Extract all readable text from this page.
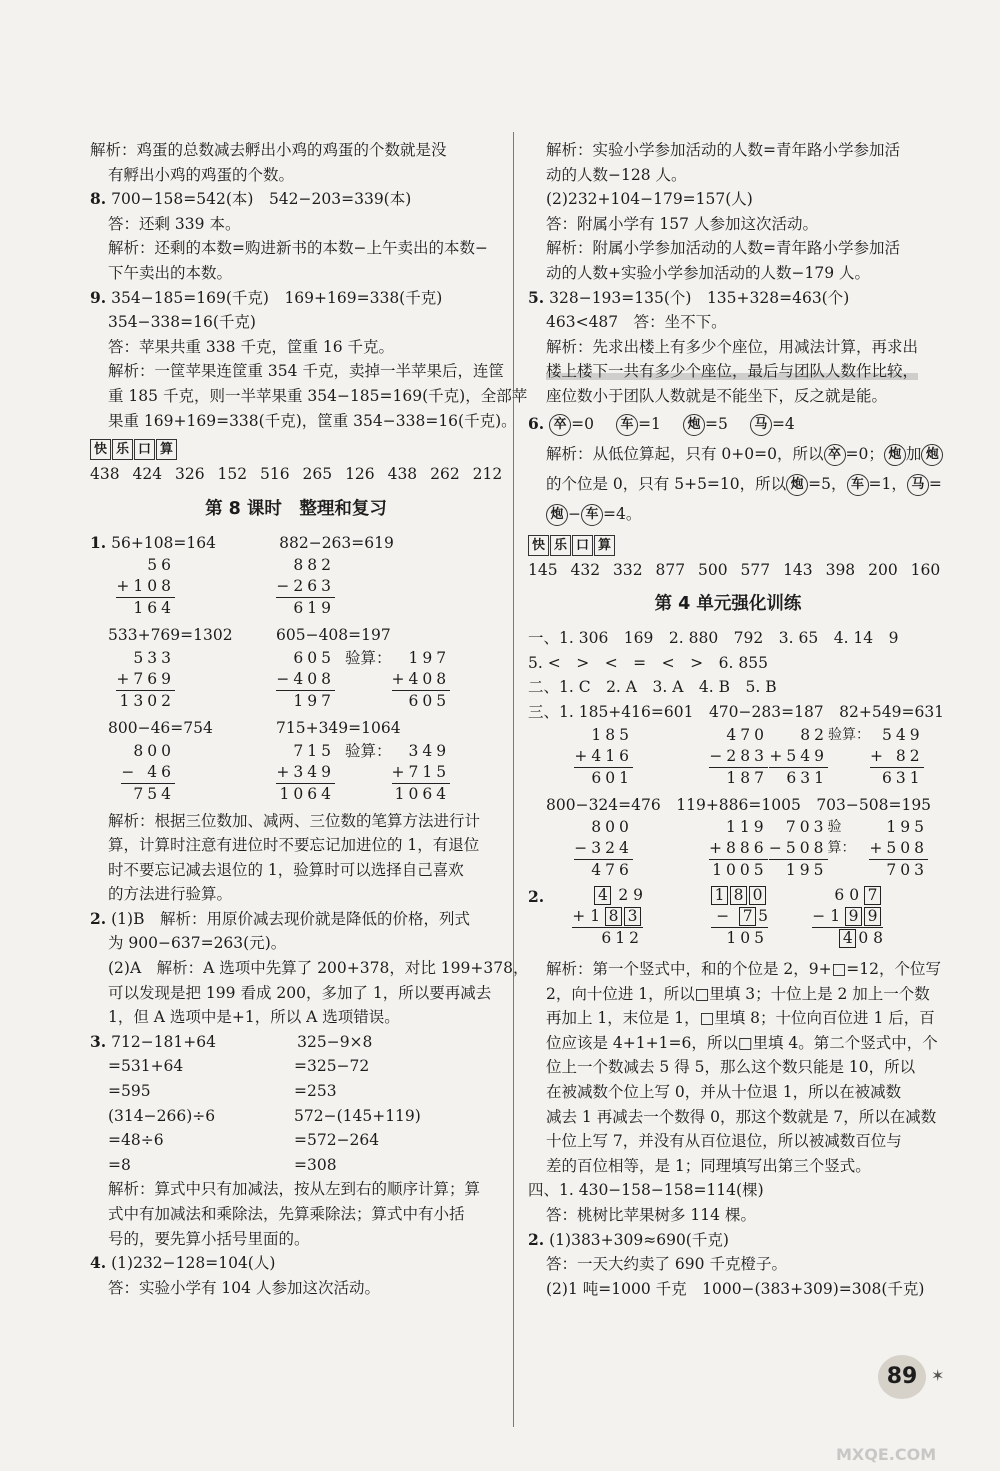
解析：鸡蛋的总数减去孵出小鸡的鸡蛋的个数就是没
有孵出小鸡的鸡蛋的个数。
8. 700−158=542(本)　542−203=339(本)
答：还剩 339 本。
解析：还剩的本数=购进新书的本数−上午卖出的本数−
下午卖出的本数。
9. 354−185=169(千克)　169+169=338(千克)
354−338=16(千克)
答：苹果共重 338 千克，筐重 16 千克。
解析：一筐苹果连筐重 354 千克，卖掉一半苹果后，连筐
重 185 千克，则一半苹果重 354−185=169(千克)，全部苹
果重 169+169=338(千克)，筐重 354−338=16(千克)。
快 乐 口 算
438 424 326 152 516 265 126 438 262 212
第 8 课时　整理和复习
1. 56+108=164	882−263=619
56
+108
164
882
−263
619
533+769=1302	605−408=197
533
+769
1302
605
−408
197
验算：	197
+408
605
800−46=754	715+349=1064
800
− 46
754
715
+349
1064
验算：	349
+715
1064
解析：根据三位数加、减两、三位数的笔算方法进行计
算，计算时注意有进位时不要忘记加进位的 1，有退位
时不要忘记减去退位的 1，验算时可以选择自己喜欢
的方法进行验算。
2. (1)B　解析：用原价减去现价就是降低的价格，列式
为 900−637=263(元)。
(2)A　解析：A 选项中先算了 200+378，对比 199+378，
可以发现是把 199 看成 200，多加了 1，所以要再减去
1，但 A 选项中是+1，所以 A 选项错误。
3. 712−181+64	325−9×8
=531+64	=325−72
=595	=253
(314−266)÷6	572−(145+119)
=48÷6	=572−264
=8	=308
解析：算式中只有加减法，按从左到右的顺序计算；算
式中有加减法和乘除法，先算乘除法；算式中有小括
号的，要先算小括号里面的。
4. (1)232−128=104(人)
答：实验小学有 104 人参加这次活动。
解析：实验小学参加活动的人数=青年路小学参加活
动的人数−128 人。
(2)232+104−179=157(人)
答：附属小学有 157 人参加这次活动。
解析：附属小学参加活动的人数=青年路小学参加活
动的人数+实验小学参加活动的人数−179 人。
5. 328−193=135(个)　135+328=463(个)
463<487　答：坐不下。
解析：先求出楼上有多少个座位，用减法计算，再求出
楼上楼下一共有多少个座位，最后与团队人数作比较，
座位数小于团队人数就是不能坐下，反之就是能。
6. 卒 =0 车 =1 炮 =5 马 =4
解析：从低位算起，只有 0+0=0，所以 卒 =0； 炮 加 炮
的个位是 0，只有 5+5=10，所以 炮 =5， 车 =1， 马 =
炮 − 车 =4。
快 乐 口 算
145 432 332 877 500 577 143 398 200 160
第 4 单元强化训练
一、1. 306　169　2. 880　792　3. 65　4. 14　9
5. <　>　<　=　<　>　6. 855
二、1. C　2. A　3. A　4. B　5. B
三、1. 185+416=601　470−283=187　82+549=631
185
+416
601
470
−283
187
82
+549
631
验算： 549
+ 82
631
800−324=476　119+886=1005　703−508=195
800
−324
476
119
+886
1005
703
−508
195
验算：
195
+508
703
2.	4 2 9
+ 1 8 3
612
1 8 0
−  7 5
105
6 0 7
− 1 9 9
4 0 8
解析：第一个竖式中，和的个位是 2，9+□=12，个位写
2，向十位进 1，所以□里填 3；十位上是 2 加上一个数
再加上 1，末位是 1，□里填 8；十位向百位进 1 后，百
位应该是 4+1+1=6，所以□里填 4。第二个竖式中，个
位上一个数减去 5 得 5，那么这个数只能是 10，所以
在被减数个位上写 0，并从十位退 1，所以在被减数
减去 1 再减去一个数得 0，那这个数就是 7，所以在减数
十位上写 7，并没有从百位退位，所以被减数百位与
差的百位相等，是 1；同理填写出第三个竖式。
四、1. 430−158−158=114(棵)
答：桃树比苹果树多 114 棵。
2. (1)383+309≈690(千克)
答：一天大约卖了 690 千克橙子。
(2)1 吨=1000 千克　1000−(383+309)=308(千克)
89 ✶
MXQE.COM
